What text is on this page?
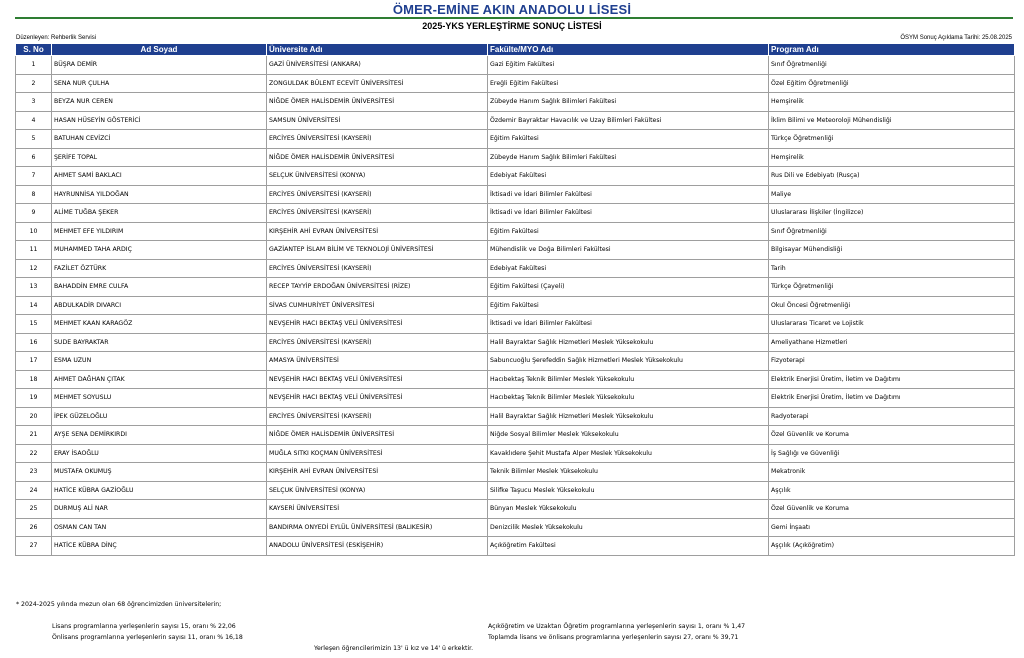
ÖMER-EMİNE AKIN ANADOLU LİSESİ
2025-YKS YERLEŞTİRME SONUÇ LİSTESİ
Düzenleyen: Rehberlik Servisi	ÖSYM Sonuç Açıklama Tarihi: 25.08.2025
S. No	Ad Soyad	Üniversite Adı	Fakülte/MYO Adı	Program Adı
1	BÜŞRA DEMİR	GAZİ ÜNİVERSİTESİ (ANKARA)	Gazi Eğitim Fakültesi	Sınıf Öğretmenliği
2	SENA NUR ÇULHA	ZONGULDAK BÜLENT ECEVİT ÜNİVERSİTESİ	Ereğli Eğitim Fakültesi	Özel Eğitim Öğretmenliği
3	BEYZA NUR CEREN	NİĞDE ÖMER HALİSDEMİR ÜNİVERSİTESİ	Zübeyde Hanım Sağlık Bilimleri Fakültesi	Hemşirelik
4	HASAN HÜSEYİN GÖSTERİCİ	SAMSUN ÜNİVERSİTESİ	Özdemir Bayraktar Havacılık ve Uzay Bilimleri Fakültesi	İklim Bilimi ve Meteoroloji Mühendisliği
5	BATUHAN CEVİZCİ	ERCİYES ÜNİVERSİTESİ (KAYSERİ)	Eğitim Fakültesi	Türkçe Öğretmenliği
6	ŞERİFE TOPAL	NİĞDE ÖMER HALİSDEMİR ÜNİVERSİTESİ	Zübeyde Hanım Sağlık Bilimleri Fakültesi	Hemşirelik
7	AHMET SAMİ BAKLACI	SELÇUK ÜNİVERSİTESİ (KONYA)	Edebiyat Fakültesi	Rus Dili ve Edebiyatı (Rusça)
8	HAYRUNNİSA YILDOĞAN	ERCİYES ÜNİVERSİTESİ (KAYSERİ)	İktisadi ve İdari Bilimler Fakültesi	Maliye
9	ALİME TUĞBA ŞEKER	ERCİYES ÜNİVERSİTESİ (KAYSERİ)	İktisadi ve İdari Bilimler Fakültesi	Uluslararası İlişkiler (İngilizce)
10	MEHMET EFE YILDIRIM	KIRŞEHİR AHİ EVRAN ÜNİVERSİTESİ	Eğitim Fakültesi	Sınıf Öğretmenliği
11	MUHAMMED TAHA ARDIÇ	GAZİANTEP İSLAM BİLİM VE TEKNOLOJİ ÜNİVERSİTESİ	Mühendislik ve Doğa Bilimleri Fakültesi	Bilgisayar Mühendisliği
12	FAZİLET ÖZTÜRK	ERCİYES ÜNİVERSİTESİ (KAYSERİ)	Edebiyat Fakültesi	Tarih
13	BAHADDİN EMRE CULFA	RECEP TAYYİP ERDOĞAN ÜNİVERSİTESİ (RİZE)	Eğitim Fakültesi (Çayeli)	Türkçe Öğretmenliği
14	ABDULKADİR DIVARCI	SİVAS CUMHURİYET ÜNİVERSİTESİ	Eğitim Fakültesi	Okul Öncesi Öğretmenliği
15	MEHMET KAAN KARAGÖZ	NEVŞEHİR HACI BEKTAŞ VELİ ÜNİVERSİTESİ	İktisadi ve İdari Bilimler Fakültesi	Uluslararası Ticaret ve Lojistik
16	SUDE BAYRAKTAR	ERCİYES ÜNİVERSİTESİ (KAYSERİ)	Halil Bayraktar Sağlık Hizmetleri Meslek Yüksekokulu	Ameliyathane Hizmetleri
17	ESMA UZUN	AMASYA ÜNİVERSİTESİ	Sabuncuoğlu Şerefeddin Sağlık Hizmetleri Meslek Yüksekokulu	Fizyoterapi
18	AHMET DAĞHAN ÇITAK	NEVŞEHİR HACI BEKTAŞ VELİ ÜNİVERSİTESİ	Hacıbektaş Teknik Bilimler Meslek Yüksekokulu	Elektrik Enerjisi Üretim, İletim ve Dağıtımı
19	MEHMET SOYUSLU	NEVŞEHİR HACI BEKTAŞ VELİ ÜNİVERSİTESİ	Hacıbektaş Teknik Bilimler Meslek Yüksekokulu	Elektrik Enerjisi Üretim, İletim ve Dağıtımı
20	İPEK GÜZELOĞLU	ERCİYES ÜNİVERSİTESİ (KAYSERİ)	Halil Bayraktar Sağlık Hizmetleri Meslek Yüksekokulu	Radyoterapi
21	AYŞE SENA DEMİRKIRDI	NİĞDE ÖMER HALİSDEMİR ÜNİVERSİTESİ	Niğde Sosyal Bilimler Meslek Yüksekokulu	Özel Güvenlik ve Koruma
22	ERAY İSAOĞLU	MUĞLA SITKI KOÇMAN ÜNİVERSİTESİ	Kavaklıdere Şehit Mustafa Alper Meslek Yüksekokulu	İş Sağlığı ve Güvenliği
23	MUSTAFA OKUMUŞ	KIRŞEHİR AHİ EVRAN ÜNİVERSİTESİ	Teknik Bilimler Meslek Yüksekokulu	Mekatronik
24	HATİCE KÜBRA GAZİOĞLU	SELÇUK ÜNİVERSİTESİ (KONYA)	Silifke Taşucu Meslek Yüksekokulu	Aşçılık
25	DURMUŞ ALİ NAR	KAYSERİ ÜNİVERSİTESİ	Bünyan Meslek Yüksekokulu	Özel Güvenlik ve Koruma
26	OSMAN CAN TAN	BANDIRMA ONYEDİ EYLÜL ÜNİVERSİTESİ (BALIKESİR)	Denizcilik Meslek Yüksekokulu	Gemi İnşaatı
27	HATİCE KÜBRA DİNÇ	ANADOLU ÜNİVERSİTESİ (ESKİŞEHİR)	Açıköğretim Fakültesi	Aşçılık (Açıköğretim)
* 2024-2025 yılında mezun olan 68 öğrencimizden üniversitelerin;
Lisans programlarına yerleşenlerin sayısı 15, oranı % 22,06
Önlisans programlarına yerleşenlerin sayısı 11, oranı % 16,18
Açıköğretim ve Uzaktan Öğretim programlarına yerleşenlerin sayısı 1, oranı % 1,47
Toplamda lisans ve önlisans programlarına yerleşenlerin sayısı 27, oranı % 39,71
Yerleşen öğrencilerimizin 13' ü kız ve 14' ü erkektir.
